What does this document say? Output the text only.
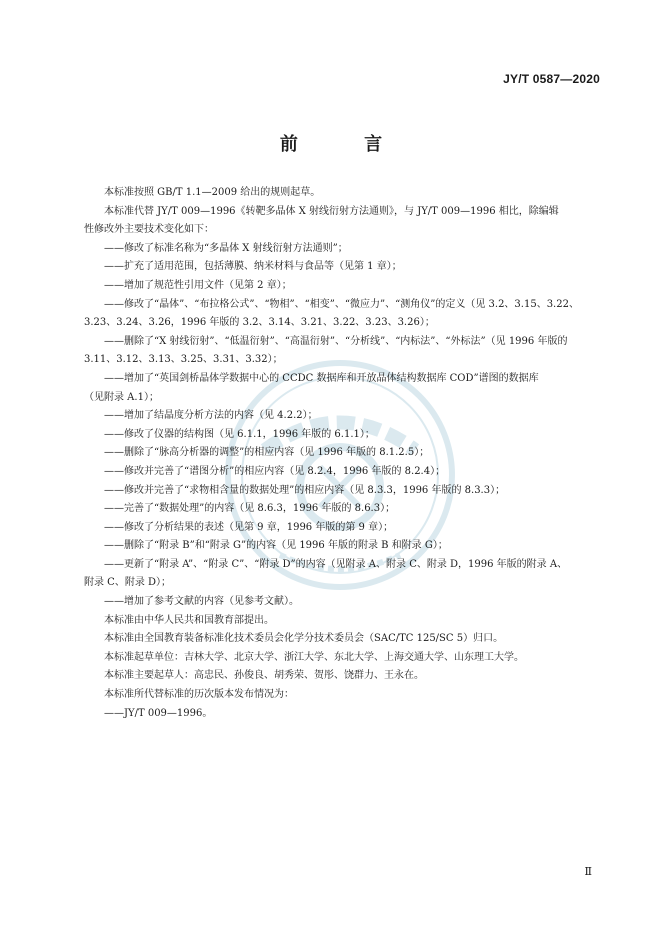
JY/T 0587—2020
前 言

本标准按照 GB/T 1.1—2009 给出的规则起草。

本标准代替 JY/T 009—1996《转靶多晶体 X 射线衍射方法通则》，与 JY/T 009—1996 相比，除编辑

性修改外主要技术变化如下：

——修改了标准名称为“多晶体 X 射线衍射方法通则”；

——扩充了适用范围，包括薄膜、纳米材料与食品等（见第 1 章）；

——增加了规范性引用文件（见第 2 章）；

——修改了“晶体”、“布拉格公式”、“物相”、“相变”、“微应力”、“测角仪”的定义（见 3.2、3.15、3.22、

3.23、3.24、3.26，1996 年版的 3.2、3.14、3.21、3.22、3.23、3.26）；

——删除了“X 射线衍射”、“低温衍射”、“高温衍射”、“分析线”、“内标法”、“外标法”（见 1996 年版的

3.11、3.12、3.13、3.25、3.31、3.32）；

——增加了“英国剑桥晶体学数据中心的 CCDC 数据库和开放晶体结构数据库 COD”谱图的数据库

（见附录 A.1）；

——增加了结晶度分析方法的内容（见 4.2.2）；

——修改了仪器的结构图（见 6.1.1，1996 年版的 6.1.1）；

——删除了“脉高分析器的调整”的相应内容（见 1996 年版的 8.1.2.5）；

——修改并完善了“谱图分析”的相应内容（见 8.2.4，1996 年版的 8.2.4）；

——修改并完善了“求物相含量的数据处理”的相应内容（见 8.3.3，1996 年版的 8.3.3）；

——完善了“数据处理”的内容（见 8.6.3，1996 年版的 8.6.3）；

——修改了分析结果的表述（见第 9 章，1996 年版的第 9 章）；

——删除了“附录 B”和“附录 G”的内容（见 1996 年版的附录 B 和附录 G）；

——更新了“附录 A”、“附录 C”、“附录 D”的内容（见附录 A、附录 C、附录 D，1996 年版的附录 A、

附录 C、附录 D）；

——增加了参考文献的内容（见参考文献）。

本标准由中华人民共和国教育部提出。

本标准由全国教育装备标准化技术委员会化学分技术委员会（SAC/TC 125/SC 5）归口。

本标准起草单位：吉林大学、北京大学、浙江大学、东北大学、上海交通大学、山东理工大学。

本标准主要起草人：高忠民、孙俊良、胡秀荣、贺彤、饶群力、王永在。

本标准所代替标准的历次版本发布情况为：

——JY/T 009—1996。

Ⅱ
